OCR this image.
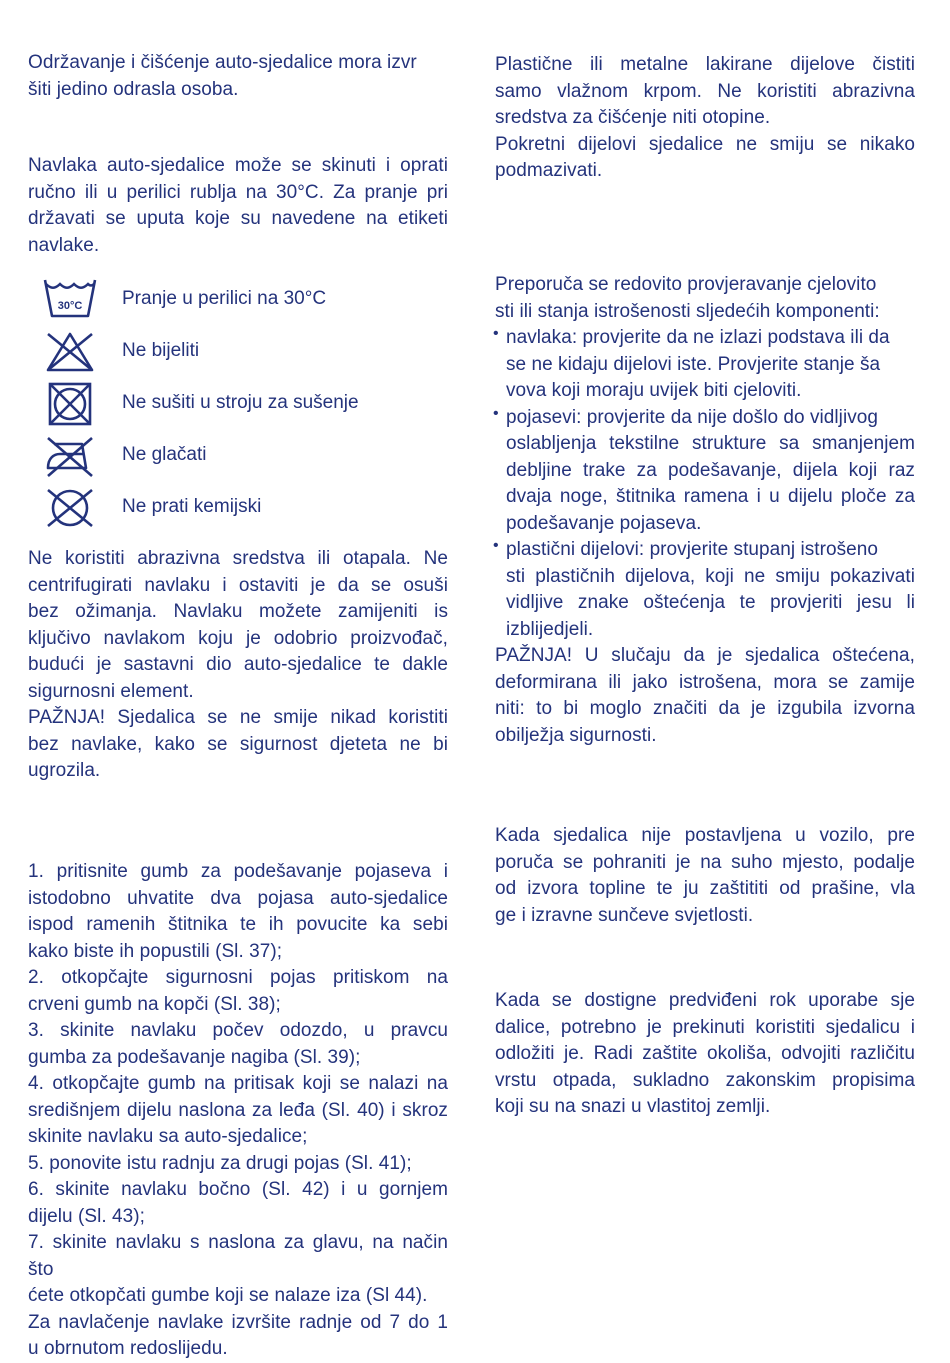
Održavanje i čišćenje auto-sjedalice mora izvr

šiti jedino odrasla osoba.

Navlaka auto-sjedalice može se skinuti i oprati

ručno ili u perilici rublja na 30°C. Za pranje pri

državati se uputa koje su navedene na etiketi

navlake.

30°C Pranje u perilici na 30°C

Ne bijeliti

Ne sušiti u stroju za sušenje

Ne glačati

Ne prati kemijski

Ne koristiti abrazivna sredstva ili otapala. Ne

centrifugirati navlaku i ostaviti je da se osuši

bez ožimanja. Navlaku možete zamijeniti is

ključivo navlakom koju je odobrio proizvođač,

budući je sastavni dio auto-sjedalice te dakle

sigurnosni element.

PAŽNJA! Sjedalica se ne smije nikad koristiti

bez navlake, kako se sigurnost djeteta ne bi

ugrozila.

1. pritisnite gumb za podešavanje pojaseva i

istodobno uhvatite dva pojasa auto-sjedalice

ispod ramenih štitnika te ih povucite ka sebi

kako biste ih popustili (Sl. 37);

2. otkopčajte sigurnosni pojas pritiskom na

crveni gumb na kopči (Sl. 38);

3. skinite navlaku počev odozdo, u pravcu

gumba za podešavanje nagiba (Sl. 39);

4. otkopčajte gumb na pritisak koji se nalazi na

središnjem dijelu naslona za leđa (Sl. 40) i skroz

skinite navlaku sa auto-sjedalice;

5. ponovite istu radnju za drugi pojas (Sl. 41);

6. skinite navlaku bočno (Sl. 42) i u gornjem

dijelu (Sl. 43);

7. skinite navlaku s naslona za glavu, na način što

ćete otkopčati gumbe koji se nalaze iza (Sl 44).

Za navlačenje navlake izvršite radnje od 7 do 1

u obrnutom redoslijedu.

Plastične ili metalne lakirane dijelove čistiti

samo vlažnom krpom. Ne koristiti abrazivna

sredstva za čišćenje niti otopine.

Pokretni dijelovi sjedalice ne smiju se nikako

podmazivati.

Preporuča se redovito provjeravanje cjelovito

sti ili stanja istrošenosti sljedećih komponenti:

• navlaka: provjerite da ne izlazi podstava ili da

se ne kidaju dijelovi iste. Provjerite stanje ša

vova koji moraju uvijek biti cjeloviti.

• pojasevi: provjerite da nije došlo do vidljivog

oslabljenja tekstilne strukture sa smanjenjem

debljine trake za podešavanje, dijela koji raz

dvaja noge, štitnika ramena i u dijelu ploče za

podešavanje pojaseva.

• plastični dijelovi: provjerite stupanj istrošeno

sti plastičnih dijelova, koji ne smiju pokazivati

vidljive znake oštećenja te provjeriti jesu li

izblijedjeli.

PAŽNJA! U slučaju da je sjedalica oštećena,

deformirana ili jako istrošena, mora se zamije

niti: to bi moglo značiti da je izgubila izvorna

obilježja sigurnosti.

Kada sjedalica nije postavljena u vozilo, pre

poruča se pohraniti je na suho mjesto, podalje

od izvora topline te ju zaštititi od prašine, vla

ge i izravne sunčeve svjetlosti.

Kada se dostigne predviđeni rok uporabe sje

dalice, potrebno je prekinuti koristiti sjedalicu i

odložiti je. Radi zaštite okoliša, odvojiti različitu

vrstu otpada, sukladno zakonskim propisima

koji su na snazi u vlastitoj zemlji.
